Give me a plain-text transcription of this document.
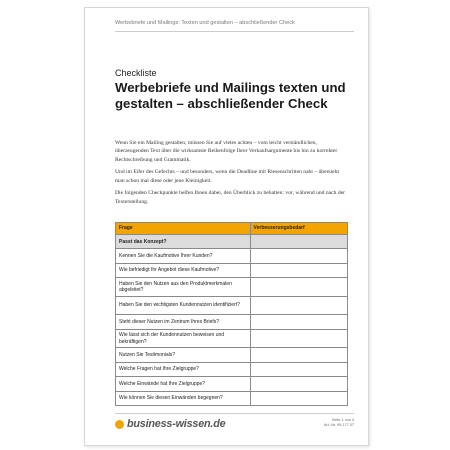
Werbebriefe und Mailings: Texten und gestalten – abschließender Check
Checkliste
Werbebriefe und Mailings texten und gestalten – abschließender Check

Wenn Sie ein Mailing gestalten, müssen Sie auf vieles achten – vom leicht verständlichen, überzeugenden Text über die wirksamste Reihenfolge Ihrer Verkaufsargumente bis hin zu korrekter Rechtschreibung und Grammatik.

Und im Eifer des Gefechts – und besonders, wenn die Deadline mit Riesenschritten naht – übersieht man schon mal diese oder jene Kleinigkeit.

Die folgenden Checkpunkte helfen Ihnen dabei, den Überblick zu behalten: vor, während und nach der Texterstellung.

Frage	Verbesserungsbedarf
Passt das Konzept?	
Kennen Sie die Kaufmotive Ihrer Kunden?	
Wie befriedigt Ihr Angebot diese Kaufmotive?	
Haben Sie den Nutzen aus den Produktmerkmalen abgeleitet?	
Haben Sie den wichtigsten Kundennutzen identifiziert?	
Steht dieser Nutzen im Zentrum Ihres Briefs?	
Wie lässt sich der Kundennutzen beweisen und bekräftigen?	
Nutzen Sie Testimonials?	
Welche Fragen hat Ihre Zielgruppe?	
Welche Einwände hat Ihre Zielgruppe?	
Wie können Sie diesen Einwänden begegnen?	
business-wissen.de	Seite 1 von 4
Art.-Nr. 99.177.07
